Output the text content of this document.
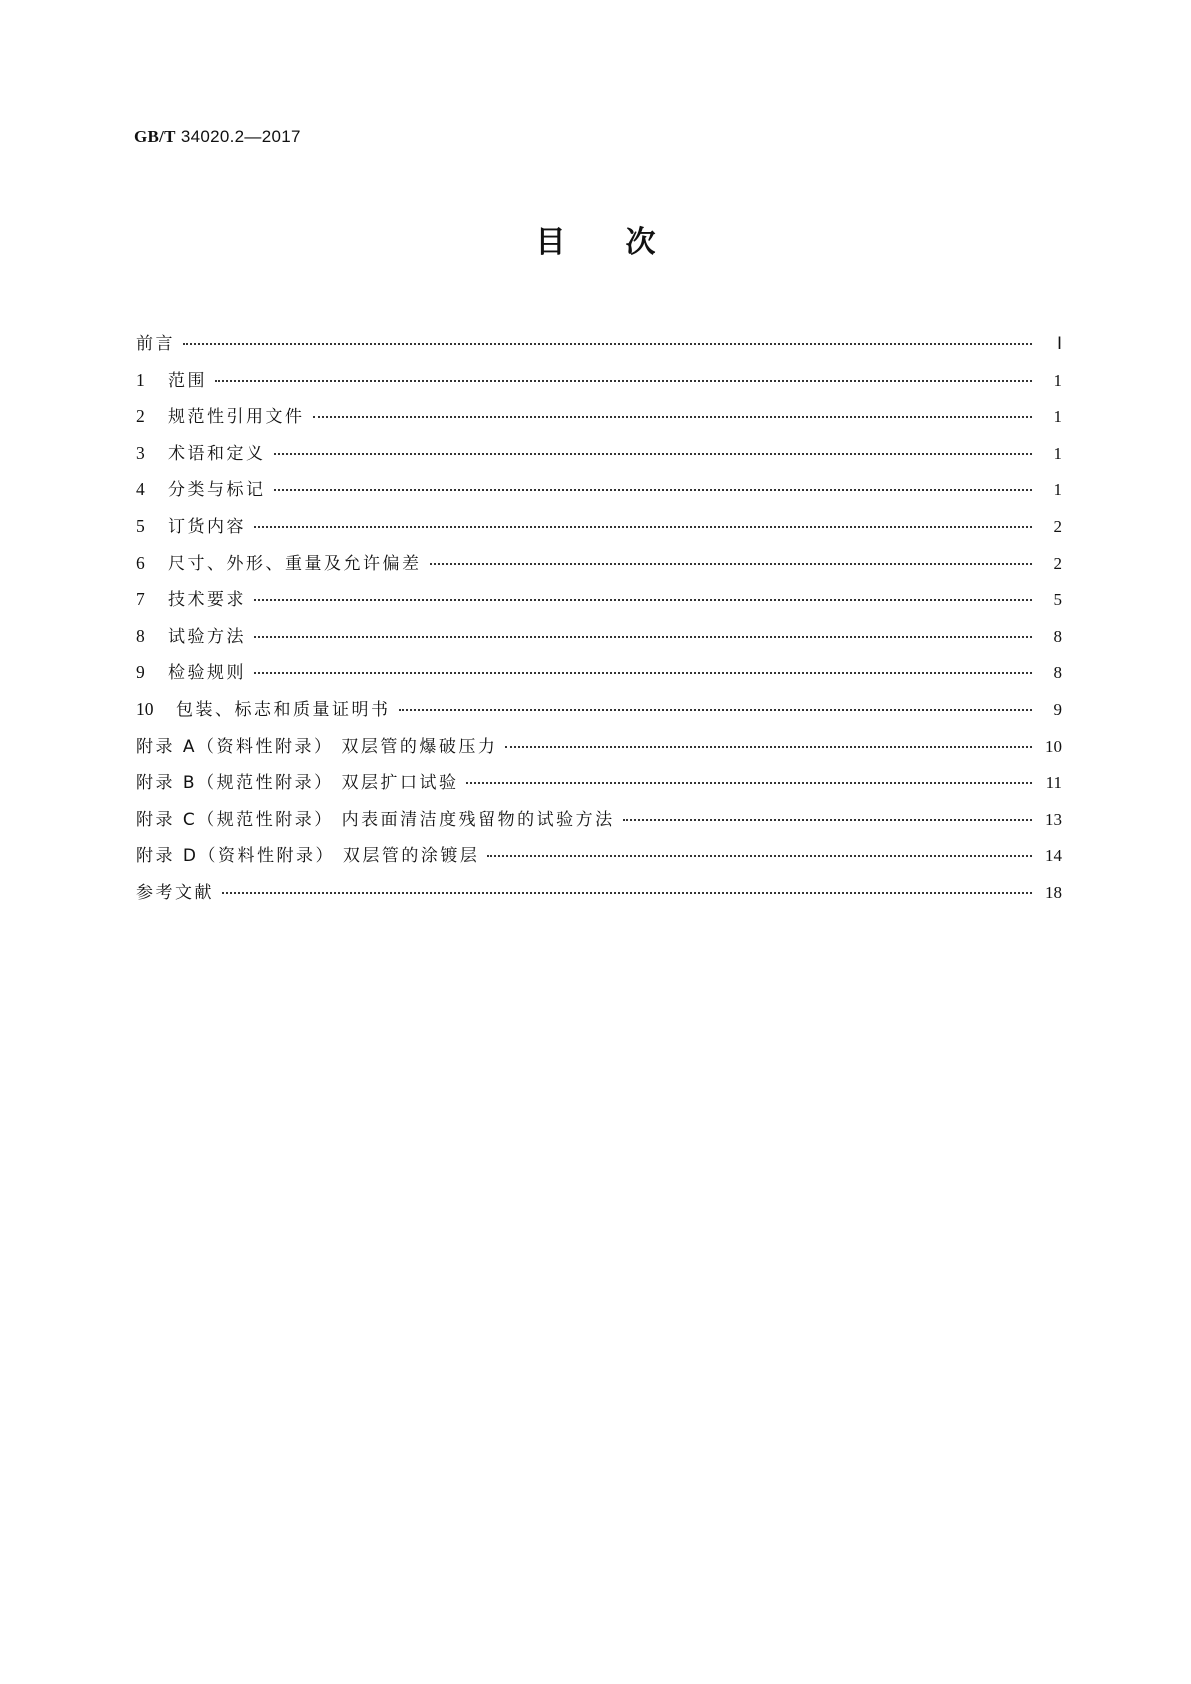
GB/T 34020.2—2017
目次
前言	Ⅰ
1	范围	1
2	规范性引用文件	1
3	术语和定义	1
4	分类与标记	1
5	订货内容	2
6	尺寸、外形、重量及允许偏差	2
7	技术要求	5
8	试验方法	8
9	检验规则	8
10	包装、标志和质量证明书	9
附录 A（资料性附录） 双层管的爆破压力	10
附录 B（规范性附录） 双层扩口试验	11
附录 C（规范性附录） 内表面清洁度残留物的试验方法	13
附录 D（资料性附录） 双层管的涂镀层	14
参考文献	18
